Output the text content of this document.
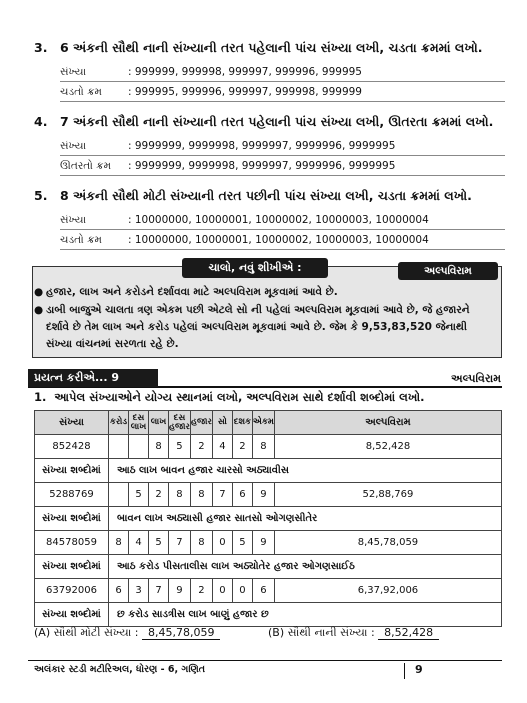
3. 6 અંકની સૌથી નાની સંખ્યાની તરત પહેલાની પાંચ સંખ્યા લખી, ચડતા ક્રમમાં લખો.
સંખ્યા	: 999999, 999998, 999997, 999996, 999995
ચડતો ક્રમ : 999995, 999996, 999997, 999998, 999999
4. 7 અંકની સૌથી નાની સંખ્યાની તરત પહેલાની પાંચ સંખ્યા લખી, ઊતરતા ક્રમમાં લખો.
સંખ્યા	: 9999999, 9999998, 9999997, 9999996, 9999995
ઊતરતો ક્રમ : 9999999, 9999998, 9999997, 9999996, 9999995
5. 8 અંકની સૌથી મોટી સંખ્યાની તરત પછીની પાંચ સંખ્યા લખી, ચડતા ક્રમમાં લખો.
સંખ્યા	: 10000000, 10000001, 10000002, 10000003, 10000004
ચડતો ક્રમ : 10000000, 10000001, 10000002, 10000003, 10000004
ચાલો, નવું શીખીએ :	અલ્પવિરામ
● હજાર, લાખ અને કરોડને દર્શાવવા માટે અલ્પવિરામ મૂકવામાં આવે છે.
● ડાબી બાજુએ ચાલતા ત્રણ એકમ પછી એટલે સો ની પહેલાં અલ્પવિરામ મૂકવામાં આવે છે, જે હજારને દર્શાવે છે તેમ લાખ અને કરોડ પહેલાં અલ્પવિરામ મૂકવામાં આવે છે. જેમ કે 9,53,83,520 જેનાથી સંખ્યા વાંચનમાં સરળતા રહે છે.
પ્રયત્ન કરીએ... 9	અલ્પવિરામ
1. આપેલ સંખ્યાઓને યોગ્ય સ્થાનમાં લખો, અલ્પવિરામ સાથે દર્શાવી શબ્દોમાં લખો.
સંખ્યા	કરોડ	દસ લાખ	લાખ	દસ હજાર	હજાર	સો	દશક	એકમ	અલ્પવિરામ
852428			8	5	2	4	2	8	8,52,428
સંખ્યા શબ્દોમાં	આઠ લાખ બાવન હજાર ચારસો અઠ્યાવીસ								
5288769		5	2	8	8	7	6	9	52,88,769
સંખ્યા શબ્દોમાં	બાવન લાખ અઠ્યાસી હજાર સાતસો ઓગણસીતેર								
84578059	8	4	5	7	8	0	5	9	8,45,78,059
સંખ્યા શબ્દોમાં	આઠ કરોડ પીસતાલીસ લાખ અઠ્યોતેર હજાર ઓગણસાઈઠ								
63792006	6	3	7	9	2	0	0	6	6,37,92,006
સંખ્યા શબ્દોમાં	છ કરોડ સાડત્રીસ લાખ બાણું હજાર છ								
(A) સૌથી મોટી સંખ્યા : 8,45,78,059	(B) સૌથી નાની સંખ્યા : 8,52,428
અલંકાર સ્ટડી મટીરિઅલ, ધોરણ - 6, ગણિત	9
